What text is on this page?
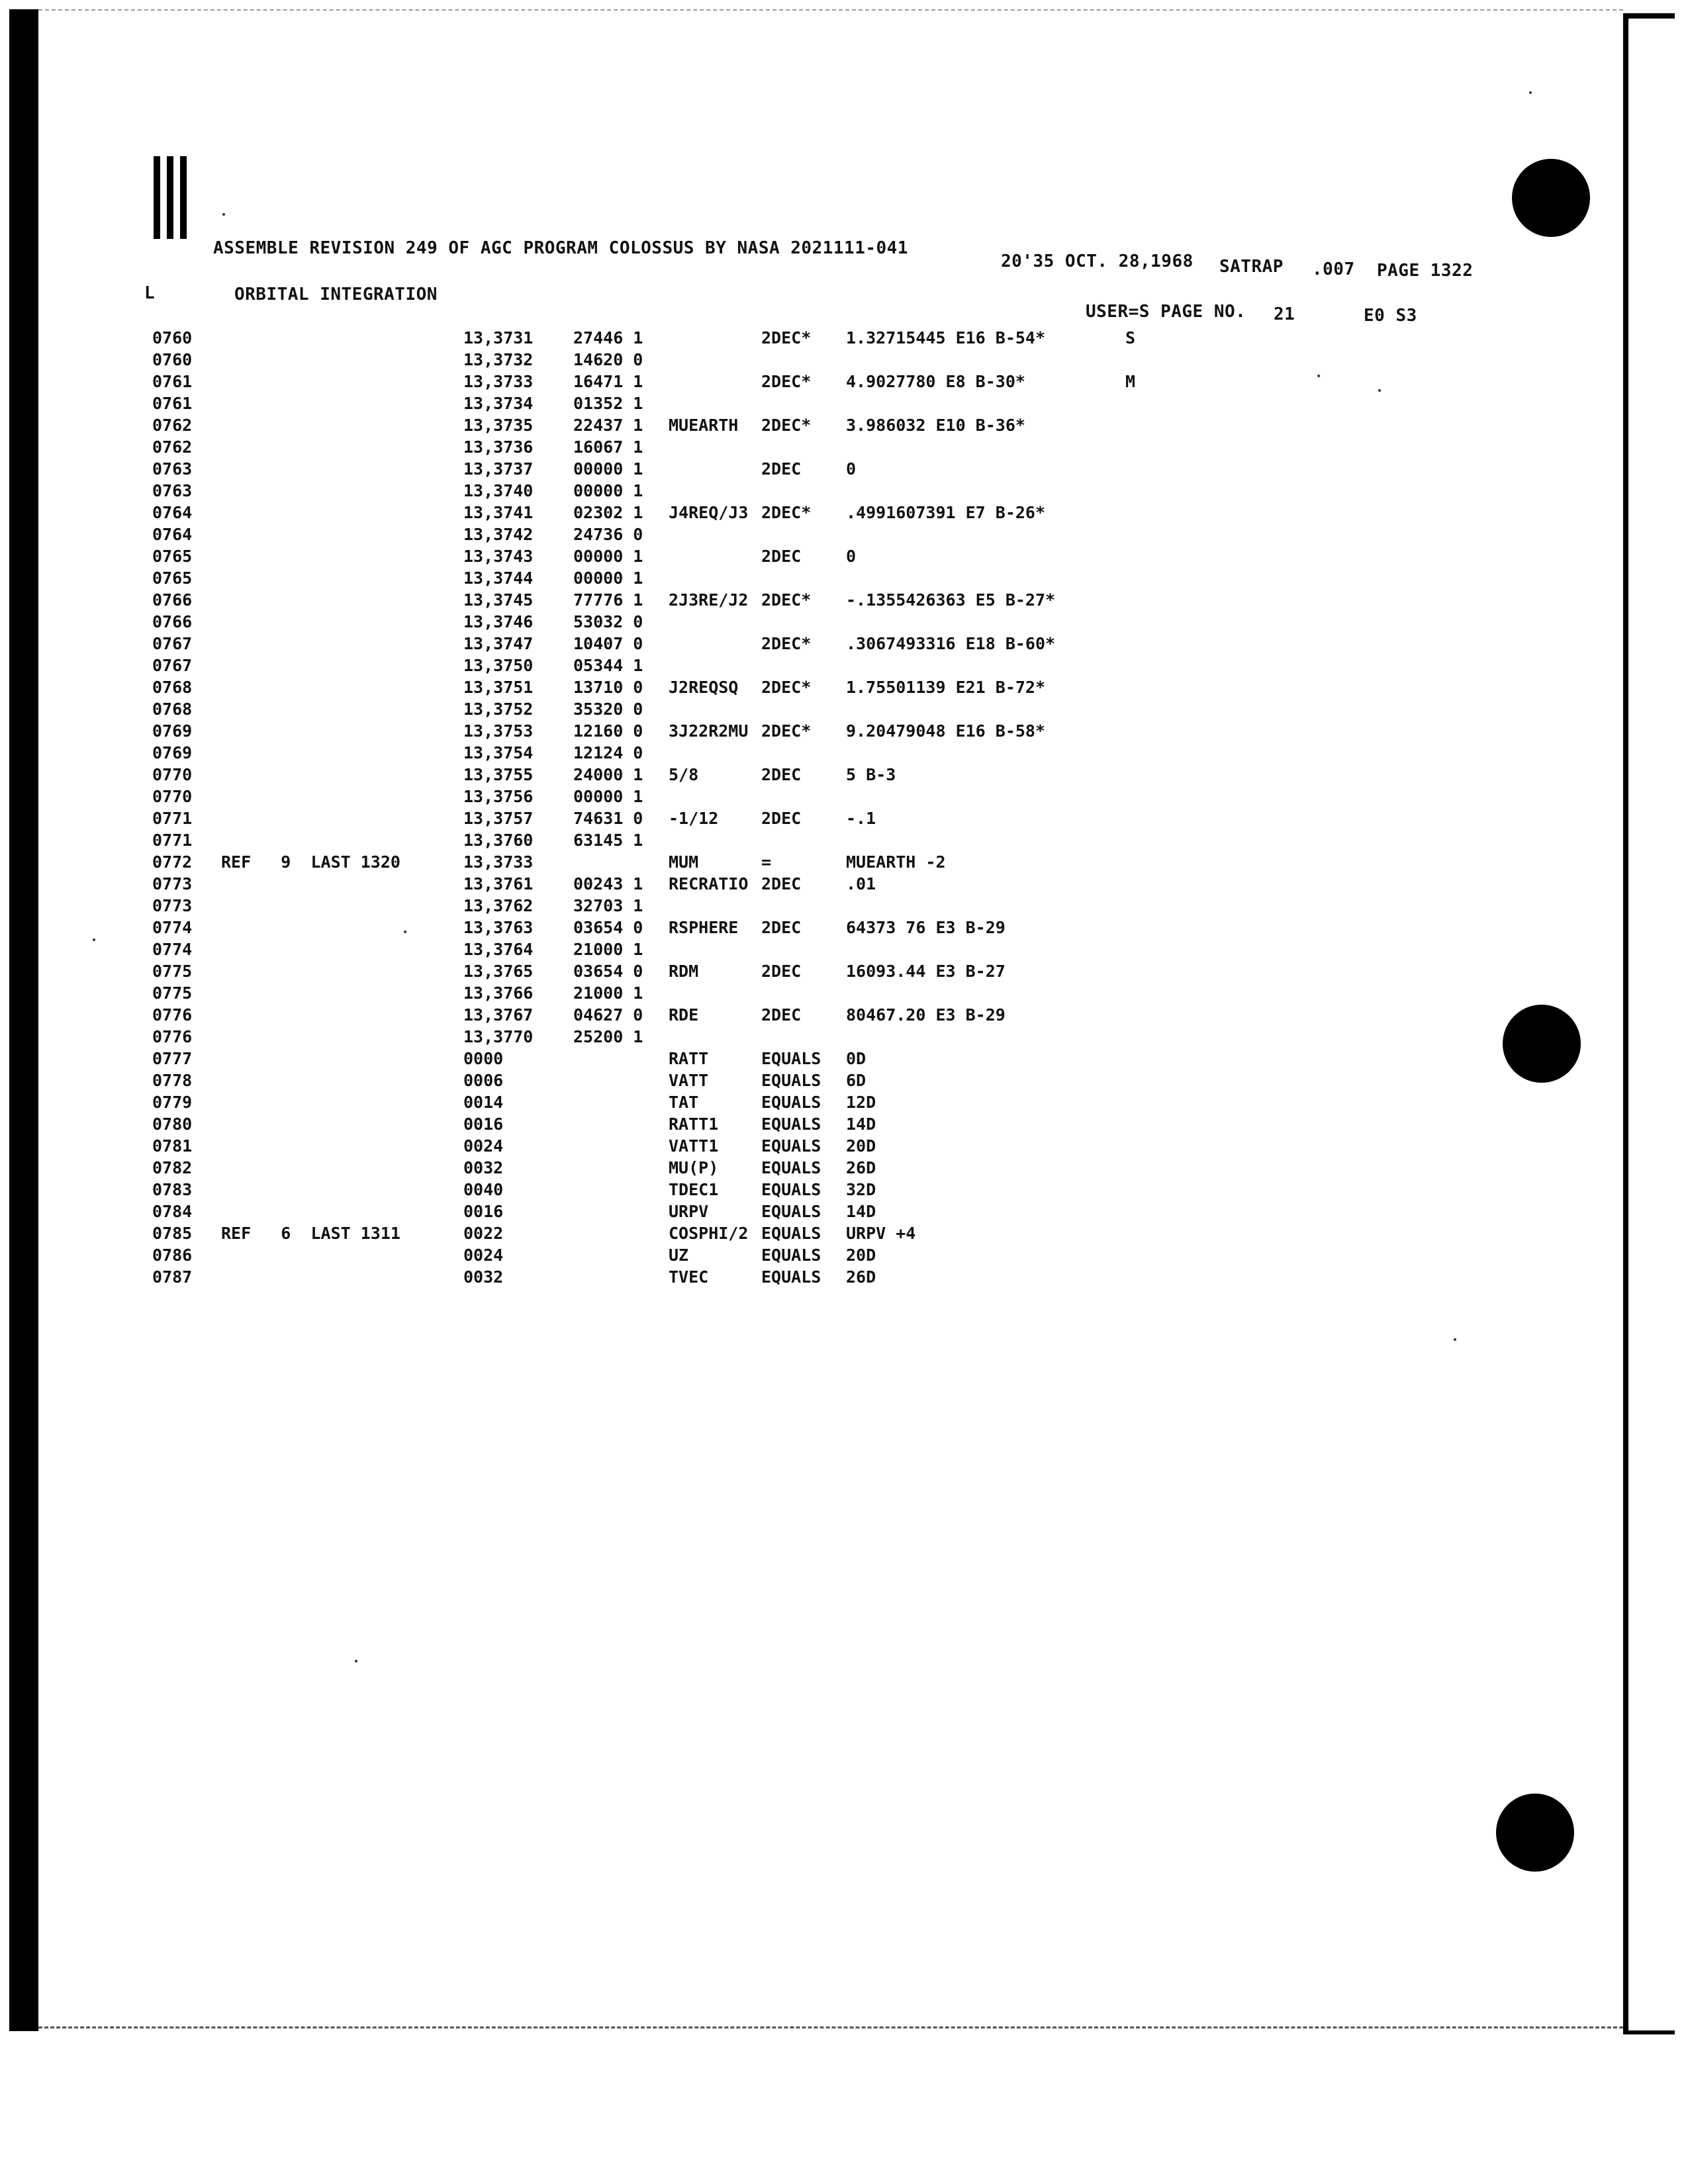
ASSEMBLE REVISION 249 OF AGC PROGRAM COLOSSUS BY NASA 2021111-041
20'35 OCT. 28,1968 SATRAP .007 PAGE 1322
L	ORBITAL INTEGRATION
USER=S PAGE NO. 21	E0 S3
0760	13,3731 27446 1	2DEC* 1.32715445 E16 B-54*	S
0760	13,3732 14620 0
0761	13,3733 16471 1	2DEC* 4.9027780 E8 B-30*	M
0761	13,3734 01352 1
0762	13,3735 22437 1 MUEARTH 2DEC* 3.986032 E10 B-36*
0762	13,3736 16067 1
0763	13,3737 00000 1	2DEC	0
0763	13,3740 00000 1
0764	13,3741 02302 1 J4REQ/J3 2DEC* .4991607391 E7 B-26*
0764	13,3742 24736 0
0765	13,3743 00000 1	2DEC	0
0765	13,3744 00000 1
0766	13,3745 77776 1 2J3RE/J2 2DEC* -.1355426363 E5 B-27*
0766	13,3746 53032 0
0767	13,3747 10407 0	2DEC* .3067493316 E18 B-60*
0767	13,3750 05344 1
0768	13,3751 13710 0 J2REQSQ 2DEC* 1.75501139 E21 B-72*
0768	13,3752 35320 0
0769	13,3753 12160 0 3J22R2MU 2DEC* 9.20479048 E16 B-58*
0769	13,3754 12124 0
0770	13,3755 24000 1 5/8	2DEC	5 B-3
0770	13,3756 00000 1
0771	13,3757 74631 0 -1/12	2DEC	-.1
0771	13,3760 63145 1
0772 REF   9  LAST 1320	13,3733	MUM	=	MUEARTH -2
0773	13,3761 00243 1 RECRATIO 2DEC	.01
0773	13,3762 32703 1
0774	13,3763 03654 0 RSPHERE 2DEC	64373 76 E3 B-29
0774	13,3764 21000 1
0775	13,3765 03654 0 RDM	2DEC	16093.44 E3 B-27
0775	13,3766 21000 1
0776	13,3767 04627 0 RDE	2DEC	80467.20 E3 B-29
0776	13,3770 25200 1
0777	0000	RATT	EQUALS 0D
0778	0006	VATT	EQUALS 6D
0779	0014	TAT	EQUALS 12D
0780	0016	RATT1	EQUALS 14D
0781	0024	VATT1	EQUALS 20D
0782	0032	MU(P)	EQUALS 26D
0783	0040	TDEC1	EQUALS 32D
0784	0016	URPV	EQUALS 14D
0785 REF   6  LAST 1311	0022	COSPHI/2 EQUALS URPV +4
0786	0024	UZ	EQUALS 20D
0787	0032	TVEC	EQUALS 26D
